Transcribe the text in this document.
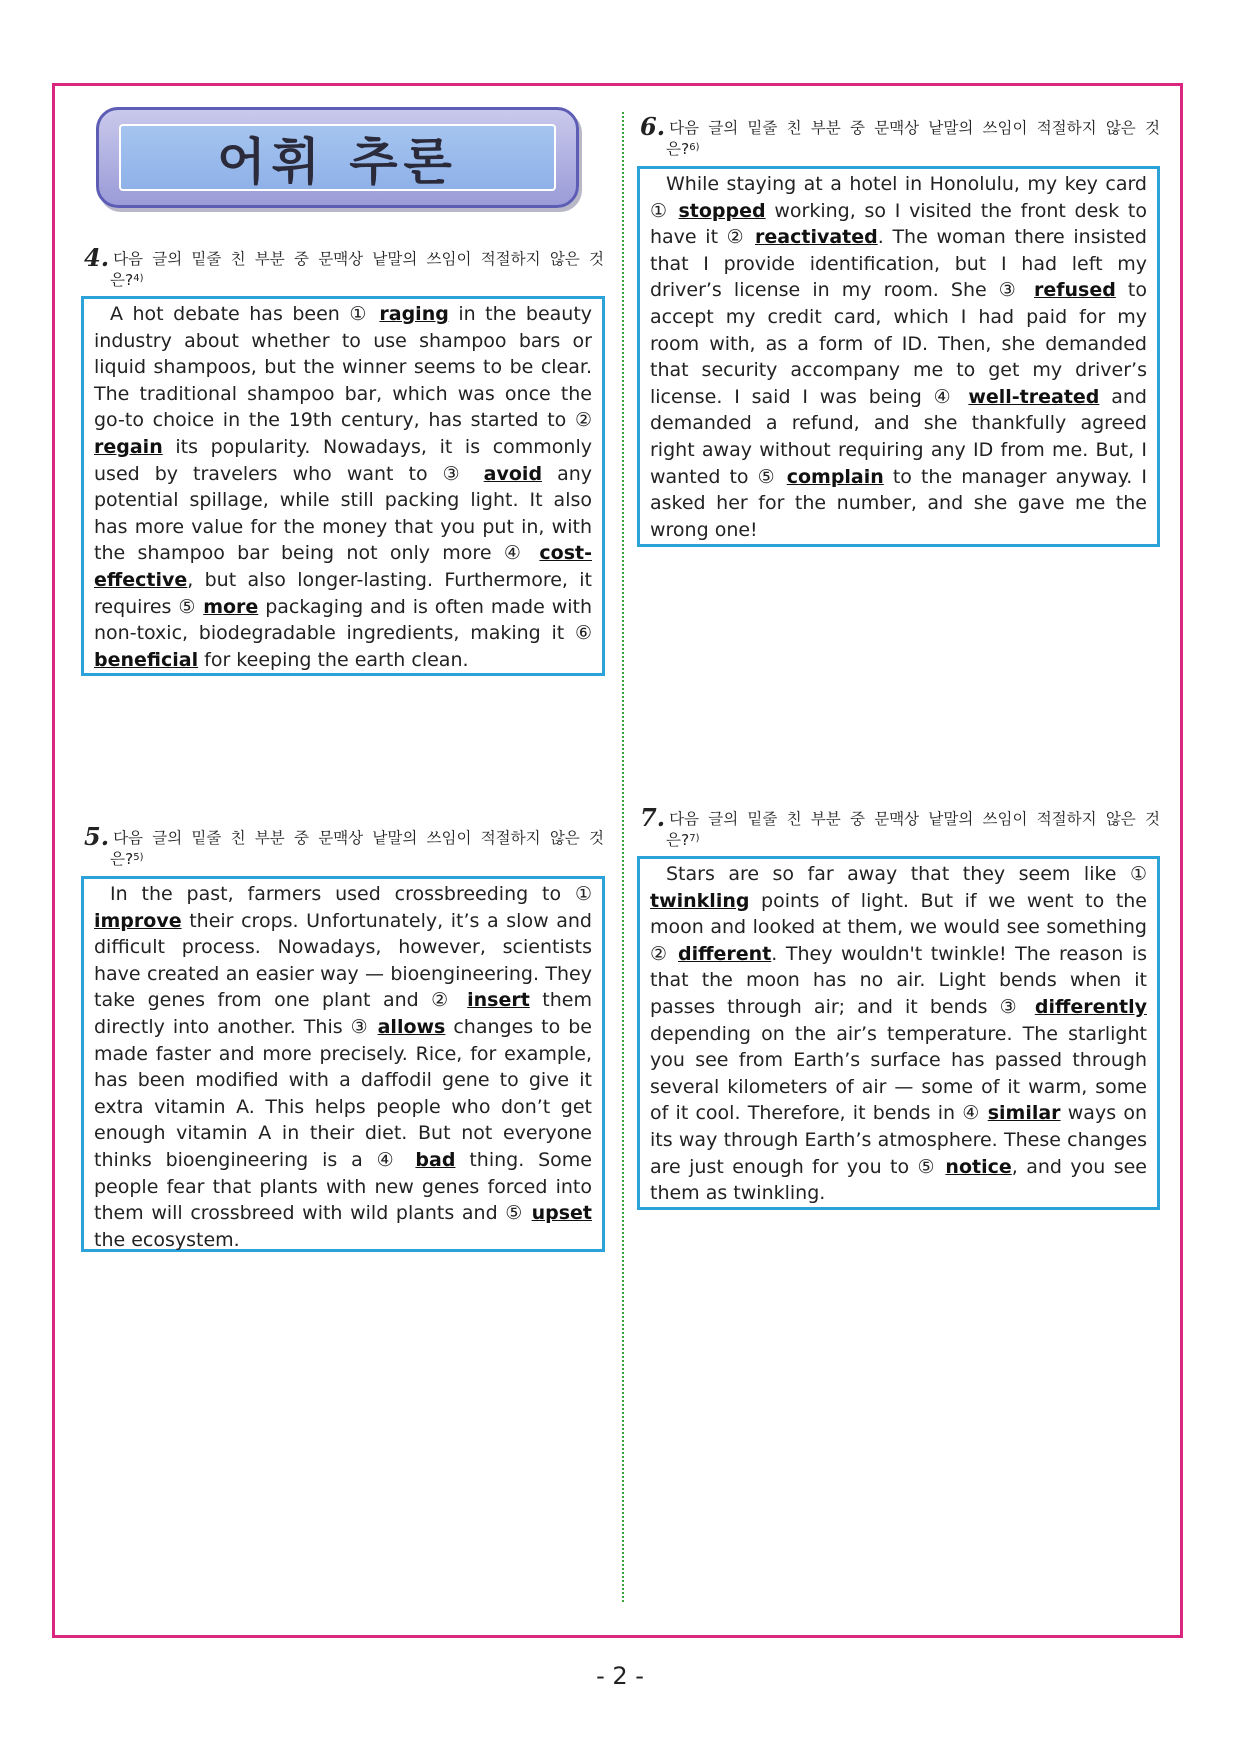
어휘 추론
4. 다음 글의 밑줄 친 부분 중 문맥상 낱말의 쓰임이 적절하지 않은 것
은?$^{4)}$
A hot debate has been ① raging in the beauty industry about whether to use shampoo bars or liquid shampoos, but the winner seems to be clear. The traditional shampoo bar, which was once the go-to choice in the 19th century, has started to ② regain its popularity. Nowadays, it is commonly used by travelers who want to ③ avoid any potential spillage, while still packing light. It also has more value for the money that you put in, with the shampoo bar being not only more ④ cost-effective, but also longer-lasting. Furthermore, it requires ⑤ more packaging and is often made with non-toxic, biodegradable ingredients, making it ⑥ beneficial for keeping the earth clean.
5. 다음 글의 밑줄 친 부분 중 문맥상 낱말의 쓰임이 적절하지 않은 것
은?$^{5)}$
In the past, farmers used crossbreeding to ① improve their crops. Unfortunately, it’s a slow and difficult process. Nowadays, however, scientists have created an easier way — bioengineering. They take genes from one plant and ② insert them directly into another. This ③ allows changes to be made faster and more precisely. Rice, for example, has been modified with a daffodil gene to give it extra vitamin A. This helps people who don’t get enough vitamin A in their diet. But not everyone thinks bioengineering is a ④ bad thing. Some people fear that plants with new genes forced into them will crossbreed with wild plants and ⑤ upset the ecosystem.
6. 다음 글의 밑줄 친 부분 중 문맥상 낱말의 쓰임이 적절하지 않은 것
은?$^{6)}$
While staying at a hotel in Honolulu, my key card ① stopped working, so I visited the front desk to have it ② reactivated. The woman there insisted that I provide identification, but I had left my driver’s license in my room. She ③ refused to accept my credit card, which I had paid for my room with, as a form of ID. Then, she demanded that security accompany me to get my driver’s license. I said I was being ④ well-treated and demanded a refund, and she thankfully agreed right away without requiring any ID from me. But, I wanted to ⑤ complain to the manager anyway. I asked her for the number, and she gave me the wrong one!
7. 다음 글의 밑줄 친 부분 중 문맥상 낱말의 쓰임이 적절하지 않은 것
은?$^{7)}$
Stars are so far away that they seem like ① twinkling points of light. But if we went to the moon and looked at them, we would see something ② different. They wouldn't twinkle! The reason is that the moon has no air. Light bends when it passes through air; and it bends ③ differently depending on the air’s temperature. The starlight you see from Earth’s surface has passed through several kilometers of air — some of it warm, some of it cool. Therefore, it bends in ④ similar ways on its way through Earth’s atmosphere. These changes are just enough for you to ⑤ notice, and you see them as twinkling.
- 2 -
